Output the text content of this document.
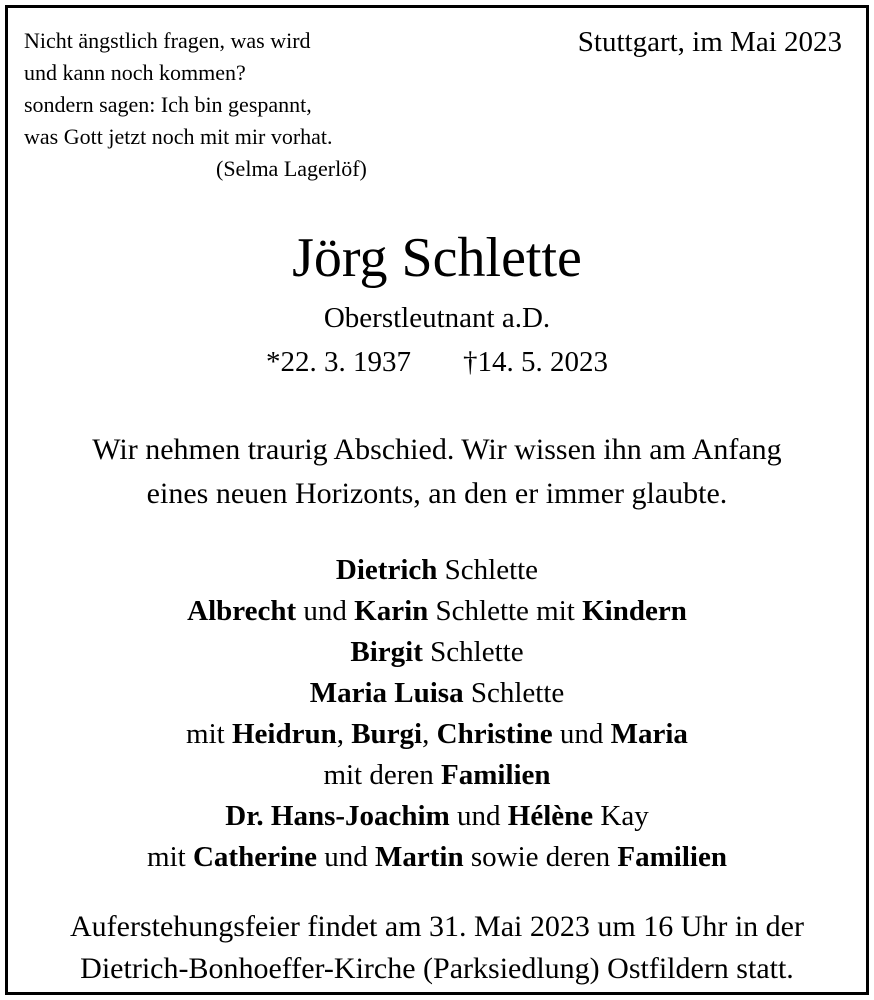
Nicht ängstlich fragen, was wird
und kann noch kommen?
sondern sagen: Ich bin gespannt,
was Gott jetzt noch mit mir vorhat.
(Selma Lagerlöf)
Stuttgart, im Mai 2023
Jörg Schlette
Oberstleutnant a.D.
*22. 3. 1937 †14. 5. 2023
Wir nehmen traurig Abschied. Wir wissen ihn am Anfang
eines neuen Horizonts, an den er immer glaubte.
Dietrich Schlette
Albrecht und Karin Schlette mit Kindern
Birgit Schlette
Maria Luisa Schlette
mit Heidrun, Burgi, Christine und Maria
mit deren Familien
Dr. Hans-Joachim und Hélène Kay
mit Catherine und Martin sowie deren Familien
Auferstehungsfeier findet am 31. Mai 2023 um 16 Uhr in der
Dietrich-Bonhoeffer-Kirche (Parksiedlung) Ostfildern statt.
